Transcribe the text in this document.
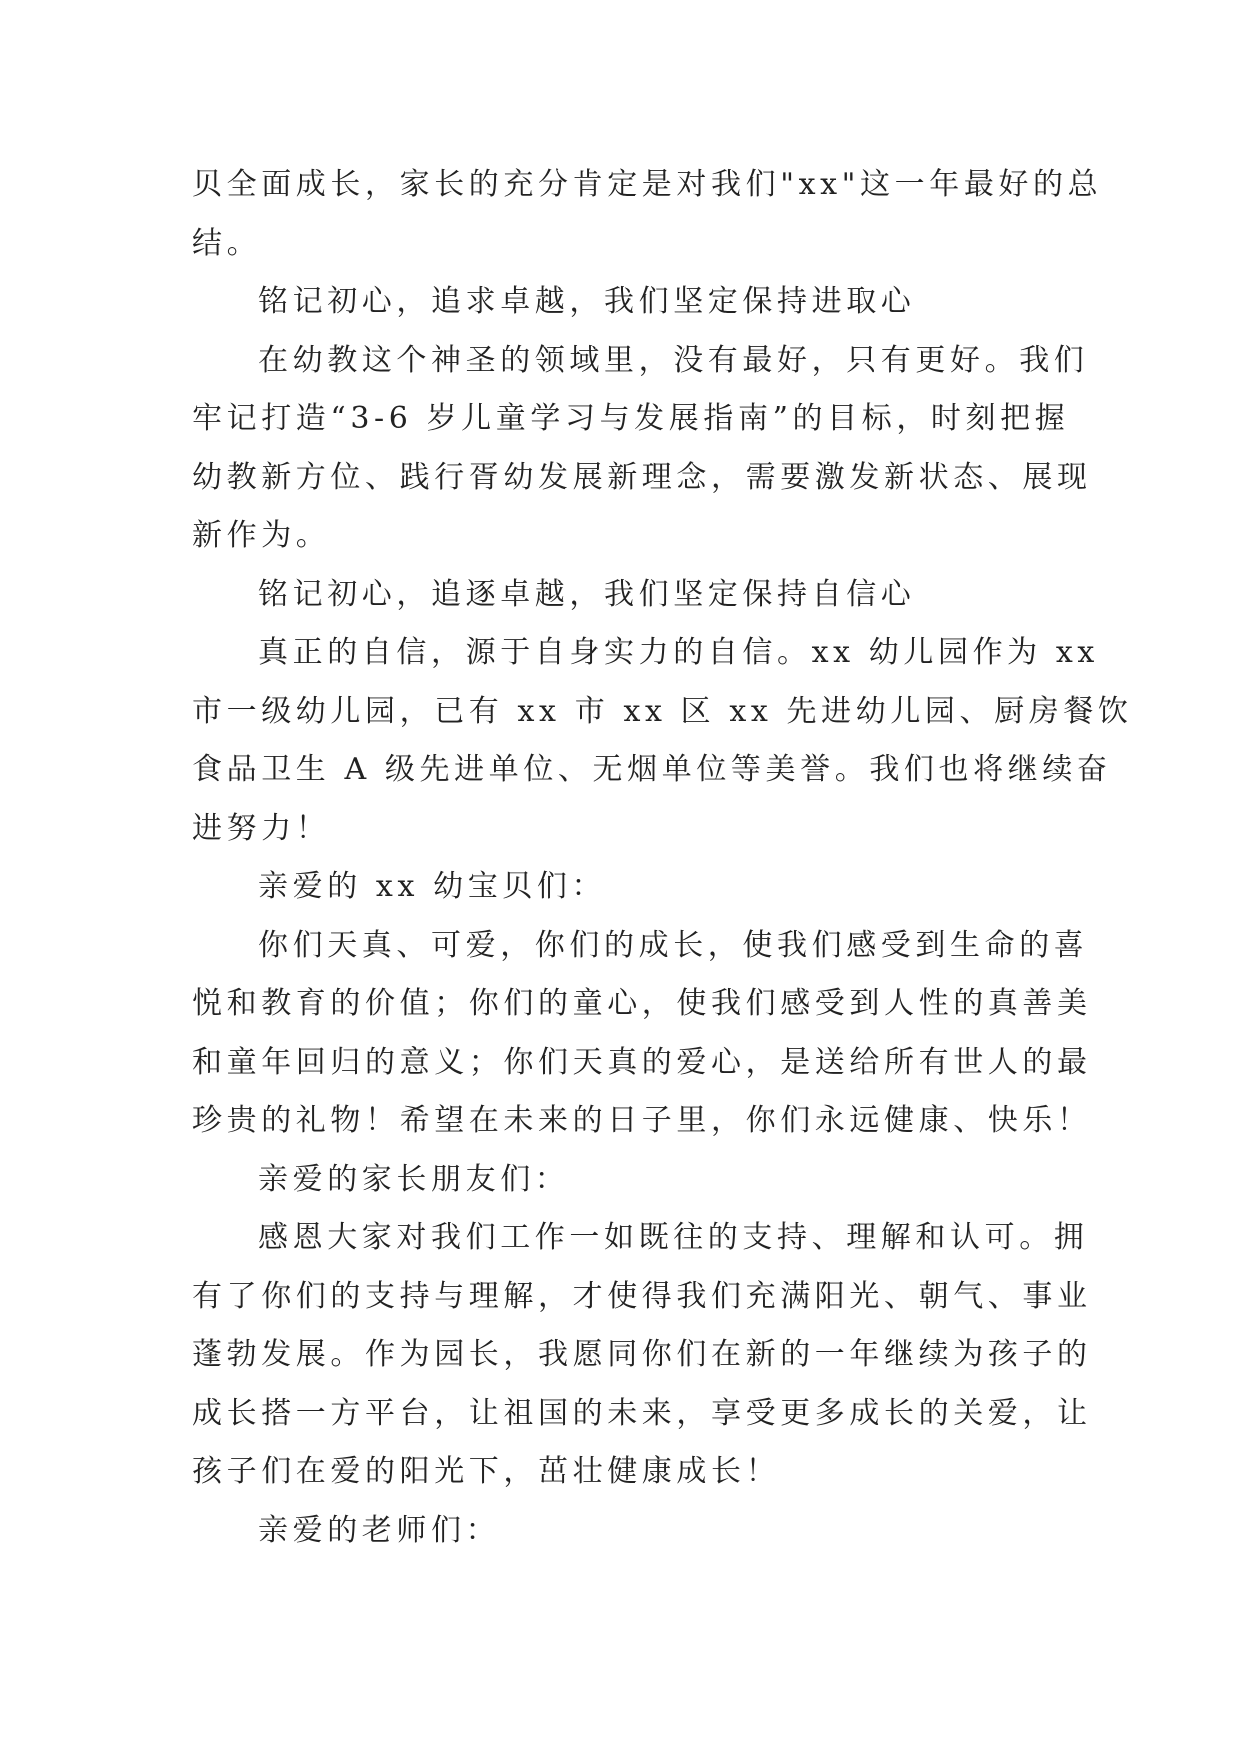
贝全面成长，家长的充分肯定是对我们"xx"这一年最好的总
结。
铭记初心，追求卓越，我们坚定保持进取心
在幼教这个神圣的领域里，没有最好，只有更好。我们
牢记打造“3-6 岁儿童学习与发展指南”的目标，时刻把握
幼教新方位、践行胥幼发展新理念，需要激发新状态、展现
新作为。
铭记初心，追逐卓越，我们坚定保持自信心
真正的自信，源于自身实力的自信。xx 幼儿园作为 xx
市一级幼儿园，已有 xx 市 xx 区 xx 先进幼儿园、厨房餐饮
食品卫生 A 级先进单位、无烟单位等美誉。我们也将继续奋
进努力！
亲爱的 xx 幼宝贝们：
你们天真、可爱，你们的成长，使我们感受到生命的喜
悦和教育的价值；你们的童心，使我们感受到人性的真善美
和童年回归的意义；你们天真的爱心，是送给所有世人的最
珍贵的礼物！希望在未来的日子里，你们永远健康、快乐！
亲爱的家长朋友们：
感恩大家对我们工作一如既往的支持、理解和认可。拥
有了你们的支持与理解，才使得我们充满阳光、朝气、事业
蓬勃发展。作为园长，我愿同你们在新的一年继续为孩子的
成长搭一方平台，让祖国的未来，享受更多成长的关爱，让
孩子们在爱的阳光下，茁壮健康成长！
亲爱的老师们：
